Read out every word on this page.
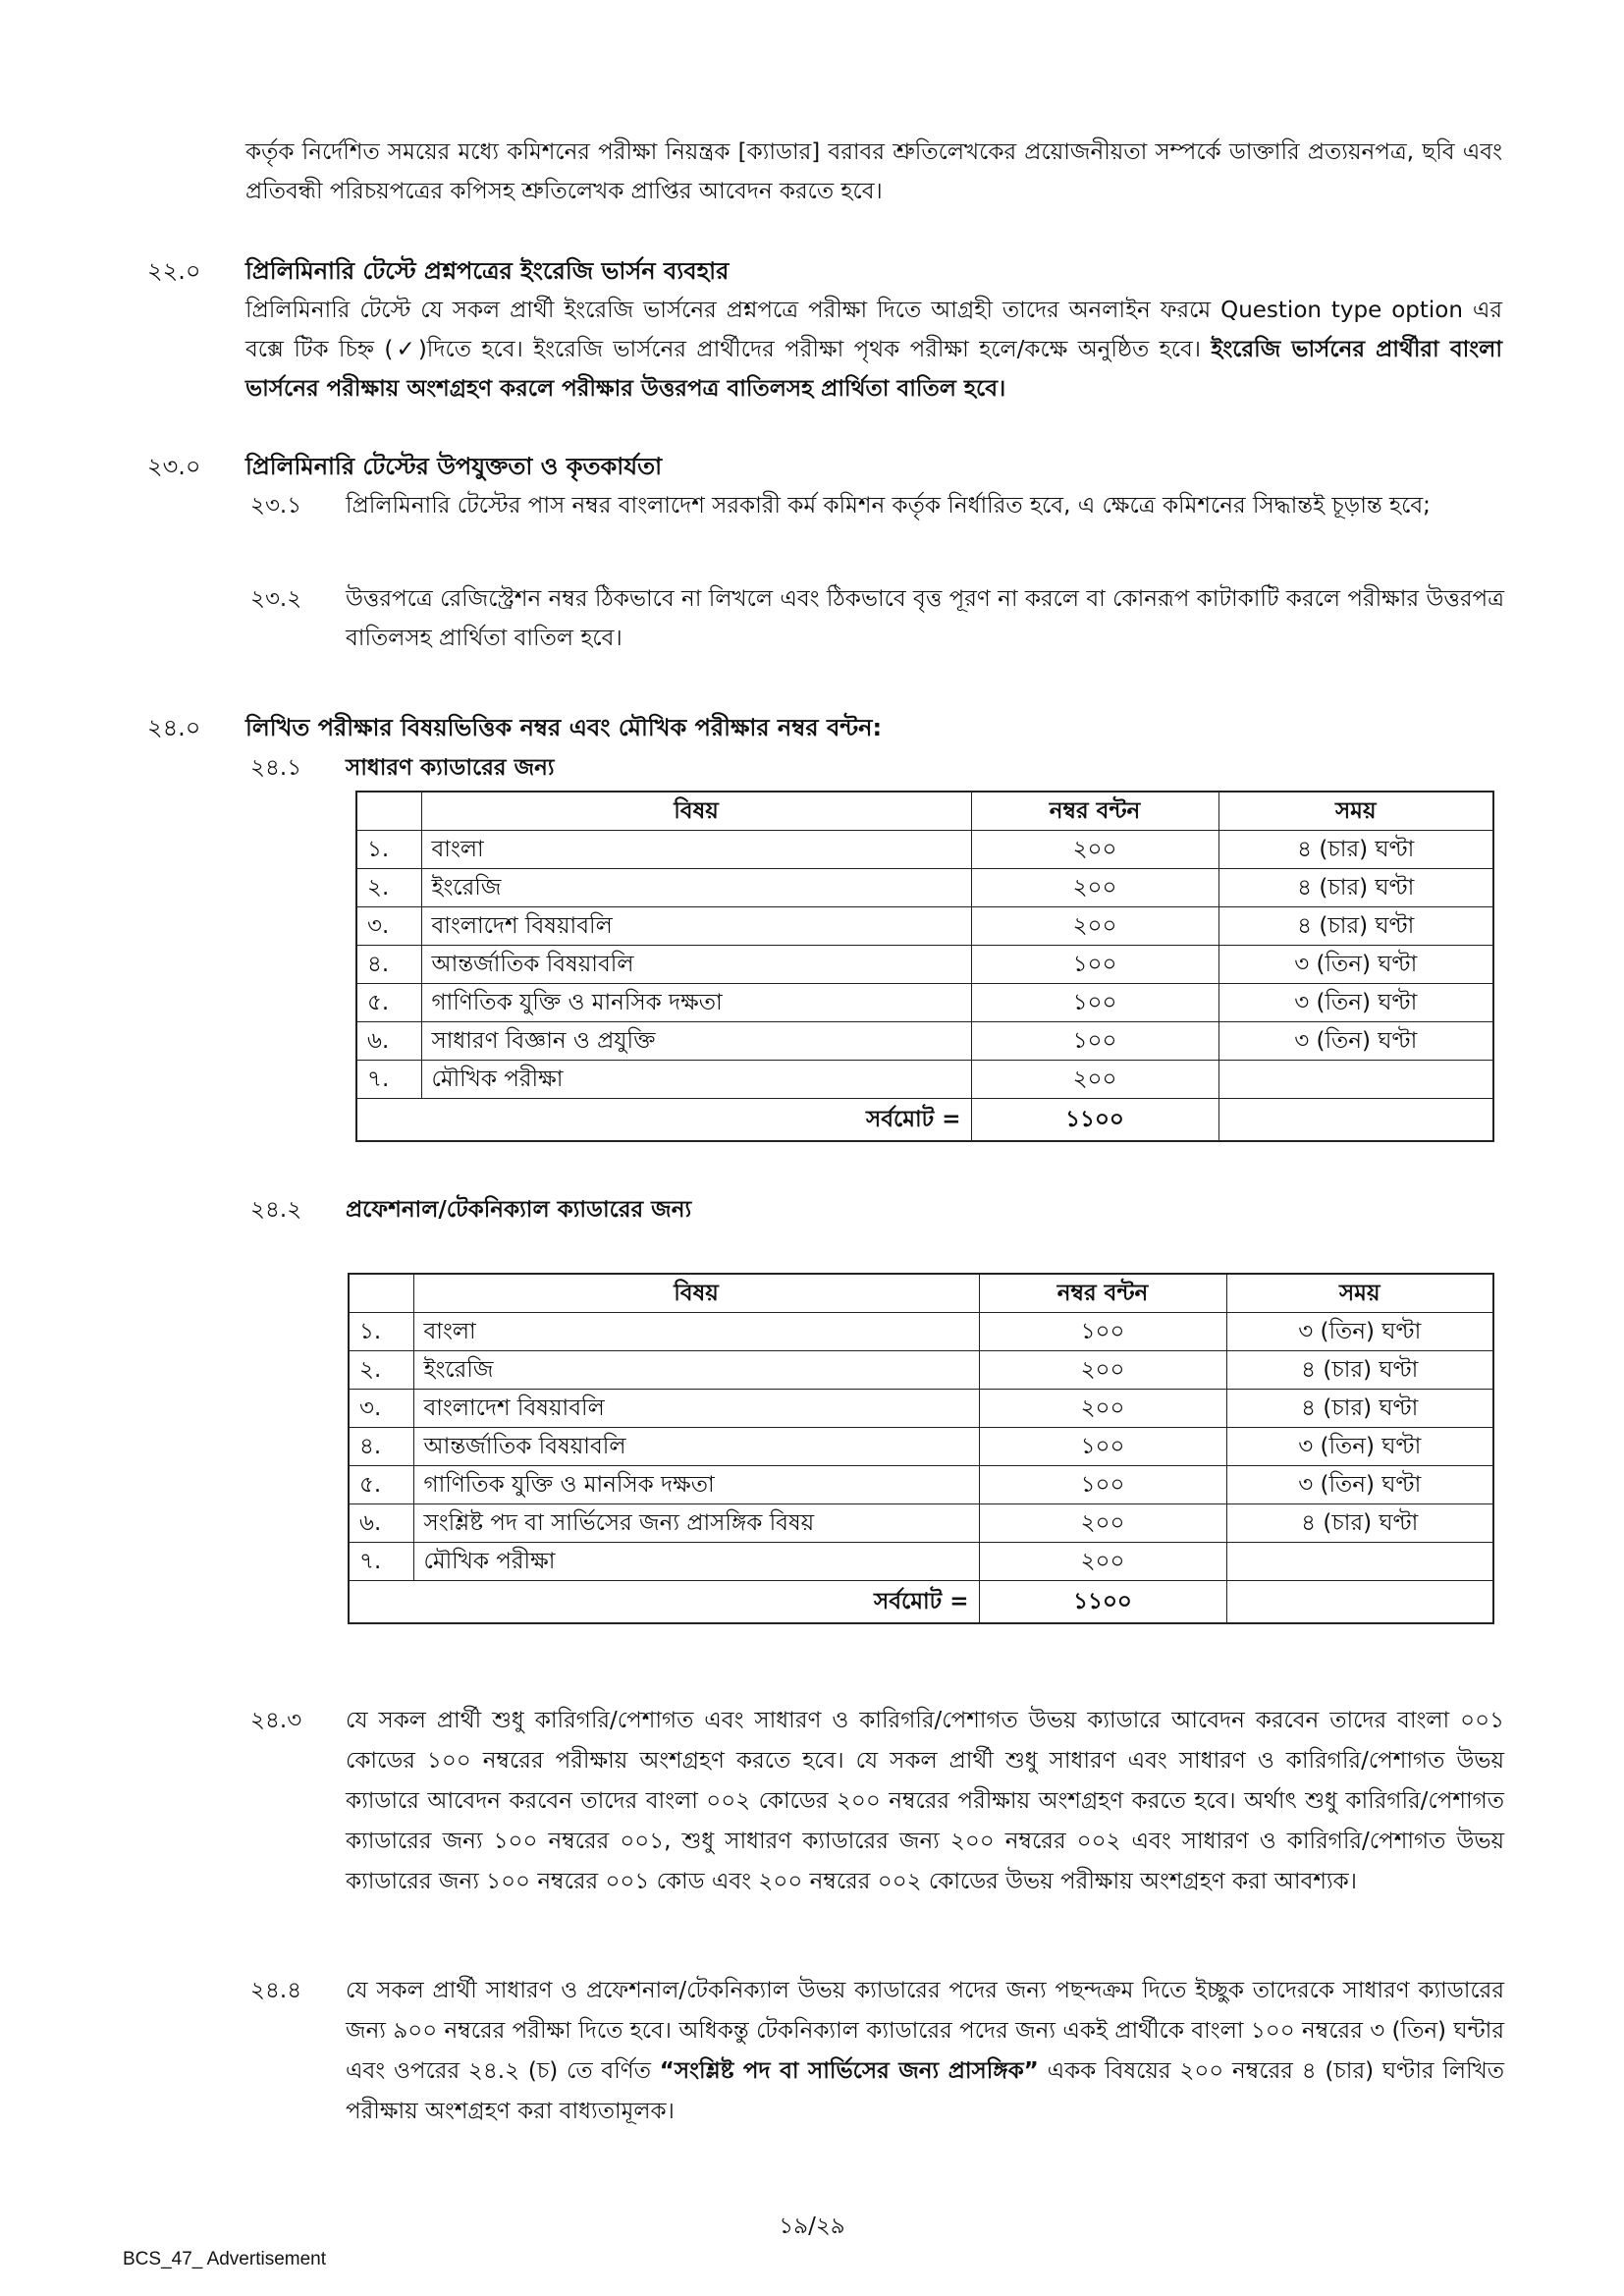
কর্তৃক নির্দেশিত সময়ের মধ্যে কমিশনের পরীক্ষা নিয়ন্ত্রক [ক্যাডার] বরাবর শ্রুতিলেখকের প্রয়োজনীয়তা সম্পর্কে ডাক্তারি প্রত্যয়নপত্র, ছবি এবং প্রতিবন্ধী পরিচয়পত্রের কপিসহ শ্রুতিলেখক প্রাপ্তির আবেদন করতে হবে।
২২.০ প্রিলিমিনারি টেস্টে প্রশ্নপত্রের ইংরেজি ভার্সন ব্যবহার
প্রিলিমিনারি টেস্টে যে সকল প্রার্থী ইংরেজি ভার্সনের প্রশ্নপত্রে পরীক্ষা দিতে আগ্রহী তাদের অনলাইন ফরমে Question type option এর বক্সে টিক চিহ্ন (✓)দিতে হবে। ইংরেজি ভার্সনের প্রার্থীদের পরীক্ষা পৃথক পরীক্ষা হলে/কক্ষে অনুষ্ঠিত হবে। ইংরেজি ভার্সনের প্রার্থীরা বাংলা ভার্সনের পরীক্ষায় অংশগ্রহণ করলে পরীক্ষার উত্তরপত্র বাতিলসহ প্রার্থিতা বাতিল হবে।
২৩.০ প্রিলিমিনারি টেস্টের উপযুক্ততা ও কৃতকার্যতা
২৩.১ প্রিলিমিনারি টেস্টের পাস নম্বর বাংলাদেশ সরকারী কর্ম কমিশন কর্তৃক নির্ধারিত হবে, এ ক্ষেত্রে কমিশনের সিদ্ধান্তই চূড়ান্ত হবে;
২৩.২ উত্তরপত্রে রেজিস্ট্রেশন নম্বর ঠিকভাবে না লিখলে এবং ঠিকভাবে বৃত্ত পূরণ না করলে বা কোনরূপ কাটাকাটি করলে পরীক্ষার উত্তরপত্র বাতিলসহ প্রার্থিতা বাতিল হবে।
২৪.০ লিখিত পরীক্ষার বিষয়ভিত্তিক নম্বর এবং মৌখিক পরীক্ষার নম্বর বন্টন:
২৪.১ সাধারণ ক্যাডারের জন্য
	বিষয়	নম্বর বন্টন	সময়
১.	বাংলা	২০০	৪ (চার) ঘণ্টা
২.	ইংরেজি	২০০	৪ (চার) ঘণ্টা
৩.	বাংলাদেশ বিষয়াবলি	২০০	৪ (চার) ঘণ্টা
৪.	আন্তর্জাতিক বিষয়াবলি	১০০	৩ (তিন) ঘণ্টা
৫.	গাণিতিক যুক্তি ও মানসিক দক্ষতা	১০০	৩ (তিন) ঘণ্টা
৬.	সাধারণ বিজ্ঞান ও প্রযুক্তি	১০০	৩ (তিন) ঘণ্টা
৭.	মৌখিক পরীক্ষা	২০০	
সর্বমোট =		১১০০	
২৪.২ প্রফেশনাল/টেকনিক্যাল ক্যাডারের জন্য
	বিষয়	নম্বর বন্টন	সময়
১.	বাংলা	১০০	৩ (তিন) ঘণ্টা
২.	ইংরেজি	২০০	৪ (চার) ঘণ্টা
৩.	বাংলাদেশ বিষয়াবলি	২০০	৪ (চার) ঘণ্টা
৪.	আন্তর্জাতিক বিষয়াবলি	১০০	৩ (তিন) ঘণ্টা
৫.	গাণিতিক যুক্তি ও মানসিক দক্ষতা	১০০	৩ (তিন) ঘণ্টা
৬.	সংশ্লিষ্ট পদ বা সার্ভিসের জন্য প্রাসঙ্গিক বিষয়	২০০	৪ (চার) ঘণ্টা
৭.	মৌখিক পরীক্ষা	২০০	
সর্বমোট =		১১০০	
২৪.৩ যে সকল প্রার্থী শুধু কারিগরি/পেশাগত এবং সাধারণ ও কারিগরি/পেশাগত উভয় ক্যাডারে আবেদন করবেন তাদের বাংলা ০০১ কোডের ১০০ নম্বরের পরীক্ষায় অংশগ্রহণ করতে হবে। যে সকল প্রার্থী শুধু সাধারণ এবং সাধারণ ও কারিগরি/পেশাগত উভয় ক্যাডারে আবেদন করবেন তাদের বাংলা ০০২ কোডের ২০০ নম্বরের পরীক্ষায় অংশগ্রহণ করতে হবে। অর্থাৎ শুধু কারিগরি/পেশাগত ক্যাডারের জন্য ১০০ নম্বরের ০০১, শুধু সাধারণ ক্যাডারের জন্য ২০০ নম্বরের ০০২ এবং সাধারণ ও কারিগরি/পেশাগত উভয় ক্যাডারের জন্য ১০০ নম্বরের ০০১ কোড এবং ২০০ নম্বরের ০০২ কোডের উভয় পরীক্ষায় অংশগ্রহণ করা আবশ্যক।
২৪.৪ যে সকল প্রার্থী সাধারণ ও প্রফেশনাল/টেকনিক্যাল উভয় ক্যাডারের পদের জন্য পছন্দক্রম দিতে ইচ্ছুক তাদেরকে সাধারণ ক্যাডারের জন্য ৯০০ নম্বরের পরীক্ষা দিতে হবে। অধিকন্তু টেকনিক্যাল ক্যাডারের পদের জন্য একই প্রার্থীকে বাংলা ১০০ নম্বরের ৩ (তিন) ঘন্টার এবং ওপরের ২৪.২ (চ) তে বর্ণিত “সংশ্লিষ্ট পদ বা সার্ভিসের জন্য প্রাসঙ্গিক” একক বিষয়ের ২০০ নম্বরের ৪ (চার) ঘণ্টার লিখিত পরীক্ষায় অংশগ্রহণ করা বাধ্যতামূলক।
১৯/২৯
BCS_47_ Advertisement
